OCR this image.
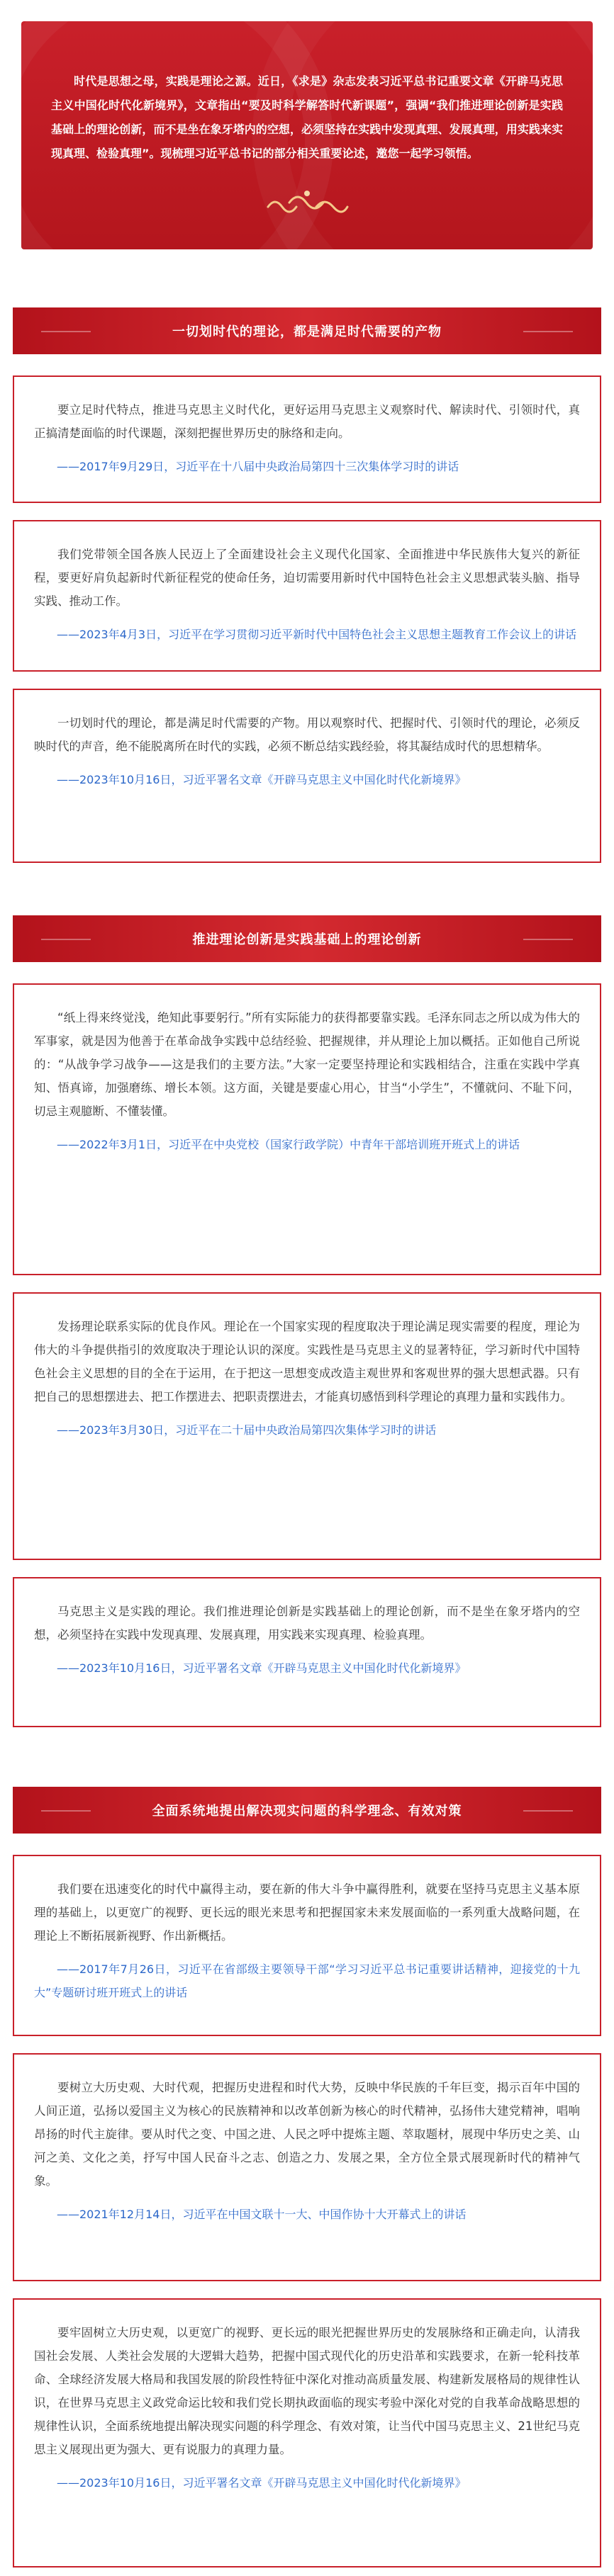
时代是思想之母，实践是理论之源。近日，《求是》杂志发表习近平总书记重要文章《开辟马克思主义中国化时代化新境界》，文章指出“要及时科学解答时代新课题”，强调“我们推进理论创新是实践基础上的理论创新，而不是坐在象牙塔内的空想，必须坚持在实践中发现真理、发展真理，用实践来实现真理、检验真理”。现梳理习近平总书记的部分相关重要论述，邀您一起学习领悟。
一切划时代的理论，都是满足时代需要的产物
要立足时代特点，推进马克思主义时代化，更好运用马克思主义观察时代、解读时代、引领时代，真正搞清楚面临的时代课题，深刻把握世界历史的脉络和走向。
——2017年9月29日，习近平在十八届中央政治局第四十三次集体学习时的讲话
我们党带领全国各族人民迈上了全面建设社会主义现代化国家、全面推进中华民族伟大复兴的新征程，要更好肩负起新时代新征程党的使命任务，迫切需要用新时代中国特色社会主义思想武装头脑、指导实践、推动工作。
——2023年4月3日，习近平在学习贯彻习近平新时代中国特色社会主义思想主题教育工作会议上的讲话
一切划时代的理论，都是满足时代需要的产物。用以观察时代、把握时代、引领时代的理论，必须反映时代的声音，绝不能脱离所在时代的实践，必须不断总结实践经验，将其凝结成时代的思想精华。
——2023年10月16日，习近平署名文章《开辟马克思主义中国化时代化新境界》
推进理论创新是实践基础上的理论创新
“纸上得来终觉浅，绝知此事要躬行。”所有实际能力的获得都要靠实践。毛泽东同志之所以成为伟大的军事家，就是因为他善于在革命战争实践中总结经验、把握规律，并从理论上加以概括。正如他自己所说的：“从战争学习战争——这是我们的主要方法。”大家一定要坚持理论和实践相结合，注重在实践中学真知、悟真谛，加强磨练、增长本领。这方面，关键是要虚心用心，甘当“小学生”，不懂就问、不耻下问，切忌主观臆断、不懂装懂。
——2022年3月1日，习近平在中央党校（国家行政学院）中青年干部培训班开班式上的讲话
发扬理论联系实际的优良作风。理论在一个国家实现的程度取决于理论满足现实需要的程度，理论为伟大的斗争提供指引的效度取决于理论认识的深度。实践性是马克思主义的显著特征，学习新时代中国特色社会主义思想的目的全在于运用，在于把这一思想变成改造主观世界和客观世界的强大思想武器。只有把自己的思想摆进去、把工作摆进去、把职责摆进去，才能真切感悟到科学理论的真理力量和实践伟力。
——2023年3月30日，习近平在二十届中央政治局第四次集体学习时的讲话
马克思主义是实践的理论。我们推进理论创新是实践基础上的理论创新，而不是坐在象牙塔内的空想，必须坚持在实践中发现真理、发展真理，用实践来实现真理、检验真理。
——2023年10月16日，习近平署名文章《开辟马克思主义中国化时代化新境界》
全面系统地提出解决现实问题的科学理念、有效对策
我们要在迅速变化的时代中赢得主动，要在新的伟大斗争中赢得胜利，就要在坚持马克思主义基本原理的基础上，以更宽广的视野、更长远的眼光来思考和把握国家未来发展面临的一系列重大战略问题，在理论上不断拓展新视野、作出新概括。
——2017年7月26日，习近平在省部级主要领导干部“学习习近平总书记重要讲话精神，迎接党的十九大”专题研讨班开班式上的讲话
要树立大历史观、大时代观，把握历史进程和时代大势，反映中华民族的千年巨变，揭示百年中国的人间正道，弘扬以爱国主义为核心的民族精神和以改革创新为核心的时代精神，弘扬伟大建党精神，唱响昂扬的时代主旋律。要从时代之变、中国之进、人民之呼中提炼主题、萃取题材，展现中华历史之美、山河之美、文化之美，抒写中国人民奋斗之志、创造之力、发展之果，全方位全景式展现新时代的精神气象。
——2021年12月14日，习近平在中国文联十一大、中国作协十大开幕式上的讲话
要牢固树立大历史观，以更宽广的视野、更长远的眼光把握世界历史的发展脉络和正确走向，认清我国社会发展、人类社会发展的大逻辑大趋势，把握中国式现代化的历史沿革和实践要求，在新一轮科技革命、全球经济发展大格局和我国发展的阶段性特征中深化对推动高质量发展、构建新发展格局的规律性认识，在世界马克思主义政党命运比较和我们党长期执政面临的现实考验中深化对党的自我革命战略思想的规律性认识，全面系统地提出解决现实问题的科学理念、有效对策，让当代中国马克思主义、21世纪马克思主义展现出更为强大、更有说服力的真理力量。
——2023年10月16日，习近平署名文章《开辟马克思主义中国化时代化新境界》
